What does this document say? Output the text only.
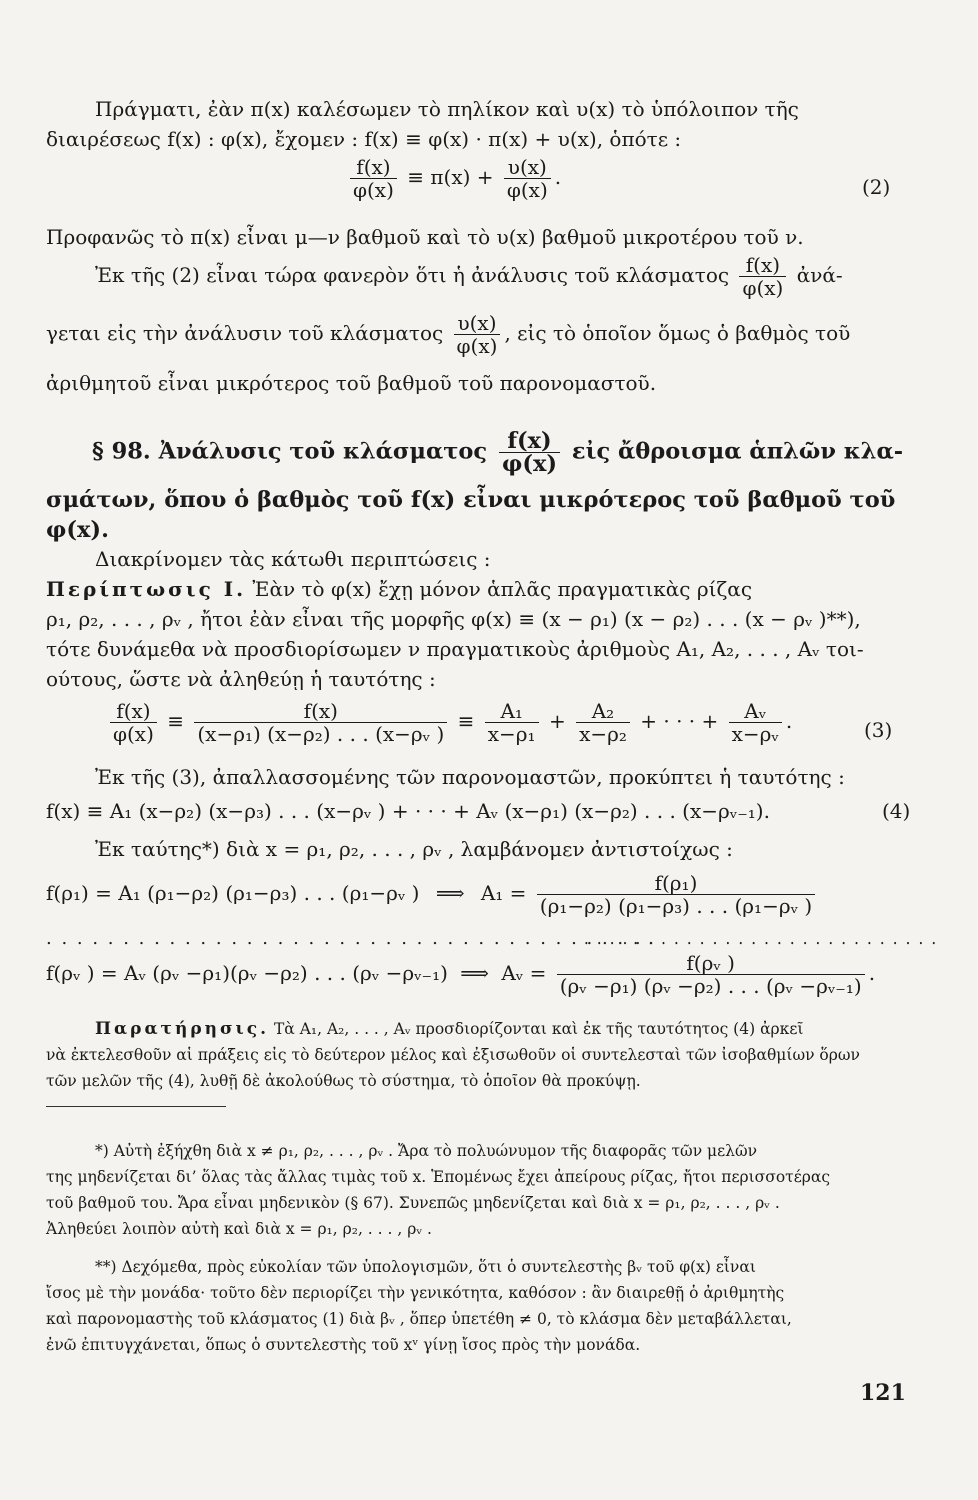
Πράγματι, ἐὰν π(x) καλέσωμεν τὸ πηλίκον καὶ υ(x) τὸ ὑπόλοιπον τῆς
διαιρέσεως f(x) : φ(x), ἔχομεν : f(x) ≡ φ(x) · π(x) + υ(x), ὁπότε :
$\frac{f(x)}{\varphi(x)} \equiv \pi(x) + \frac{\upsilon(x)}{\varphi(x)}$ .	(2)
Προφανῶς τὸ π(x) εἶναι μ—ν βαθμοῦ καὶ τὸ υ(x) βαθμοῦ μικροτέρου τοῦ ν.
Ἐκ τῆς (2) εἶναι τώρα φανερὸν ὅτι ἡ ἀνάλυσις τοῦ κλάσματος $\frac{f(x)}{\varphi(x)}$ ἀνά-
γεται εἰς τὴν ἀνάλυσιν τοῦ κλάσματος $\frac{\upsilon(x)}{\varphi(x)}$ , εἰς τὸ ὁποῖον ὅμως ὁ βαθμὸς τοῦ
ἀριθμητοῦ εἶναι μικρότερος τοῦ βαθμοῦ τοῦ παρονομαστοῦ.
§ 98. Ἀνάλυσις τοῦ κλάσματος $\frac{f(x)}{\varphi(x)}$ εἰς ἄθροισμα ἁπλῶν κλα-
σμάτων, ὅπου ὁ βαθμὸς τοῦ f(x) εἶναι μικρότερος τοῦ βαθμοῦ τοῦ
φ(x).
Διακρίνομεν τὰς κάτωθι περιπτώσεις :
Περίπτωσις Ι. Ἐὰν τὸ φ(x) ἔχῃ μόνον ἁπλᾶς πραγματικὰς ρίζας
ρ₁, ρ₂, . . . , ρᵥ , ἤτοι ἐὰν εἶναι τῆς μορφῆς φ(x) ≡ (x − ρ₁) (x − ρ₂) . . . (x − ρᵥ )**),
τότε δυνάμεθα νὰ προσδιορίσωμεν ν πραγματικοὺς ἀριθμοὺς A₁, A₂, . . . , Aᵥ τοι-
ούτους, ὥστε νὰ ἀληθεύῃ ἡ ταυτότης :
$\frac{f(x)}{\varphi(x)} \equiv \frac{f(x)}{\text{(x−ρ₁) (x−ρ₂) . . . (x−ρᵥ )}} \equiv \frac{\text{A₁}}{\text{x−ρ₁}} + \frac{\text{A₂}}{\text{x−ρ₂}}$ + · · · + $\frac{\text{Aᵥ}}{\text{x−ρᵥ}}$ .	(3)
Ἐκ τῆς (3), ἀπαλλασσομένης τῶν παρονομαστῶν, προκύπτει ἡ ταυτότης :
f(x) ≡ A₁ (x−ρ₂) (x−ρ₃) . . . (x−ρᵥ ) + · · · + Aᵥ (x−ρ₁) (x−ρ₂) . . . (x−ρᵥ₋₁).	(4)
Ἐκ ταύτης*) διὰ x = ρ₁, ρ₂, . . . , ρᵥ , λαμβάνομεν ἀντιστοίχως :
f(ρ₁) = A₁ (ρ₁−ρ₂) (ρ₁−ρ₃) . . . (ρ₁−ρᵥ ) ⟹ $A_1 = \frac{\text{f(ρ₁)}}{\text{(ρ₁−ρ₂) (ρ₁−ρ₃) . . . (ρ₁−ρᵥ )}}$
. . . . . . . . . . . . . . . . . . . . . . . . . . . . . . . . . . . . . . . .
. . . . . . . . . . . . . . . . . . . . . . . . . . . .
f(ρᵥ ) = Aᵥ (ρᵥ −ρ₁)(ρᵥ −ρ₂) . . . (ρᵥ −ρᵥ₋₁) ⟹ Aᵥ = $\frac{\text{f(ρᵥ )}}{\text{(ρᵥ −ρ₁) (ρᵥ −ρ₂) . . . (ρᵥ −ρᵥ₋₁)}}$ .
Παρατήρησις. Τὰ A₁, A₂, . . . , Aᵥ προσδιορίζονται καὶ ἐκ τῆς ταυτότητος (4) ἀρκεῖ
νὰ ἐκτελεσθοῦν αἱ πράξεις εἰς τὸ δεύτερον μέλος καὶ ἐξισωθοῦν οἱ συντελεσταὶ τῶν ἰσοβαθμίων ὅρων
τῶν μελῶν τῆς (4), λυθῇ δὲ ἀκολούθως τὸ σύστημα, τὸ ὁποῖον θὰ προκύψῃ.
*) Αὐτὴ ἐξήχθη διὰ x ≠ ρ₁, ρ₂, . . . , ρᵥ . Ἄρα τὸ πολυώνυμον τῆς διαφορᾶς τῶν μελῶν
της μηδενίζεται δι’ ὅλας τὰς ἄλλας τιμὰς τοῦ x. Ἑπομένως ἔχει ἀπείρους ρίζας, ἤτοι περισσοτέρας
τοῦ βαθμοῦ του. Ἄρα εἶναι μηδενικὸν (§ 67). Συνεπῶς μηδενίζεται καὶ διὰ x = ρ₁, ρ₂, . . . , ρᵥ .
Ἀληθεύει λοιπὸν αὐτὴ καὶ διὰ x = ρ₁, ρ₂, . . . , ρᵥ .
**) Δεχόμεθα, πρὸς εὐκολίαν τῶν ὑπολογισμῶν, ὅτι ὁ συντελεστὴς βᵥ τοῦ φ(x) εἶναι
ἴσος μὲ τὴν μονάδα· τοῦτο δὲν περιορίζει τὴν γενικότητα, καθόσον : ἂν διαιρεθῇ ὁ ἀριθμητὴς
καὶ παρονομαστὴς τοῦ κλάσματος (1) διὰ βᵥ , ὅπερ ὑπετέθη ≠ 0, τὸ κλάσμα δὲν μεταβάλλεται,
ἐνῶ ἐπιτυγχάνεται, ὅπως ὁ συντελεστὴς τοῦ xᵛ γίνῃ ἴσος πρὸς τὴν μονάδα.
121
